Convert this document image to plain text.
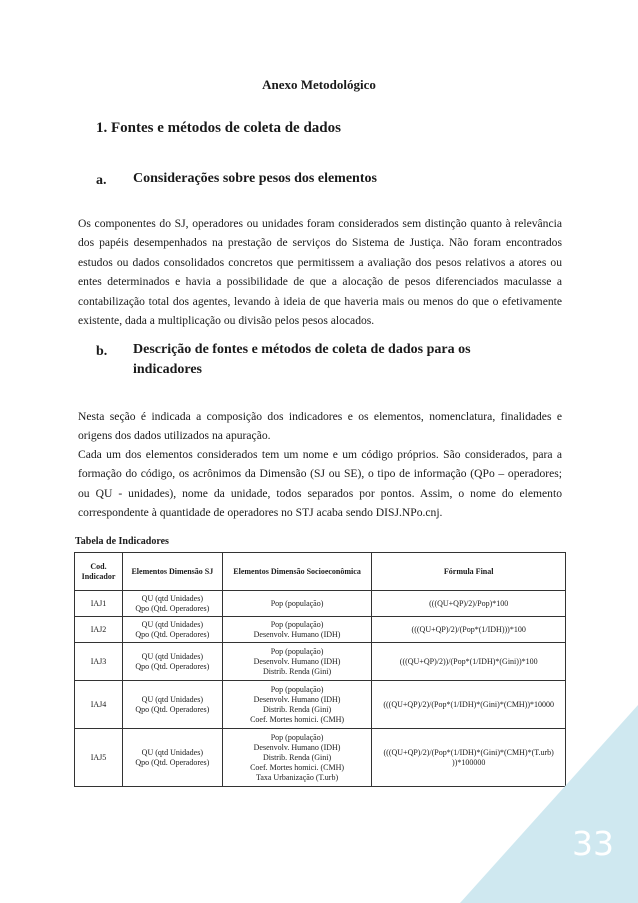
Anexo Metodológico
1. Fontes e métodos de coleta de dados
a. Considerações sobre pesos dos elementos
Os componentes do SJ, operadores ou unidades foram considerados sem distinção quanto à relevância dos papéis desempenhados na prestação de serviços do Sistema de Justiça. Não foram encontrados estudos ou dados consolidados concretos que permitissem a avaliação dos pesos relativos a atores ou entes determinados e havia a possibilidade de que a alocação de pesos diferenciados maculasse a contabilização total dos agentes, levando à ideia de que haveria mais ou menos do que o efetivamente existente, dada a multiplicação ou divisão pelos pesos alocados.
b. Descrição de fontes e métodos de coleta de dados para os indicadores
Nesta seção é indicada a composição dos indicadores e os elementos, nomenclatura, finalidades e origens dos dados utilizados na apuração.
Cada um dos elementos considerados tem um nome e um código próprios. São considerados, para a formação do código, os acrônimos da Dimensão (SJ ou SE), o tipo de informação (QPo – operadores; ou QU - unidades), nome da unidade, todos separados por pontos. Assim, o nome do elemento correspondente à quantidade de operadores no STJ acaba sendo DISJ.NPo.cnj.
Tabela de Indicadores
Cod. Indicador	Elementos Dimensão SJ	Elementos Dimensão Socioeconômica	Fórmula Final
IAJ1	QU (qtd Unidades)
Qpo (Qtd. Operadores)	Pop (população)	(((QU+QP)/2)/Pop)*100
IAJ2	QU (qtd Unidades)
Qpo (Qtd. Operadores)	Pop (população)
Desenvolv. Humano (IDH)	(((QU+QP)/2)/(Pop*(1/IDH)))*100
IAJ3	QU (qtd Unidades)
Qpo (Qtd. Operadores)	Pop (população)
Desenvolv. Humano (IDH)
Distrib. Renda (Gini)	(((QU+QP)/2))/(Pop*(1/IDH)*(Gini))*100
IAJ4	QU (qtd Unidades)
Qpo (Qtd. Operadores)	Pop (população)
Desenvolv. Humano (IDH)
Distrib. Renda (Gini)
Coef. Mortes homici. (CMH)	(((QU+QP)/2)/(Pop*(1/IDH)*(Gini)*(CMH))*10000
IAJ5	QU (qtd Unidades)
Qpo (Qtd. Operadores)	Pop (população)
Desenvolv. Humano (IDH)
Distrib. Renda (Gini)
Coef. Mortes homici. (CMH)
Taxa Urbanização (T.urb)	(((QU+QP)/2)/(Pop*(1/IDH)*(Gini)*(CMH)*(T.urb) ))*100000
33
